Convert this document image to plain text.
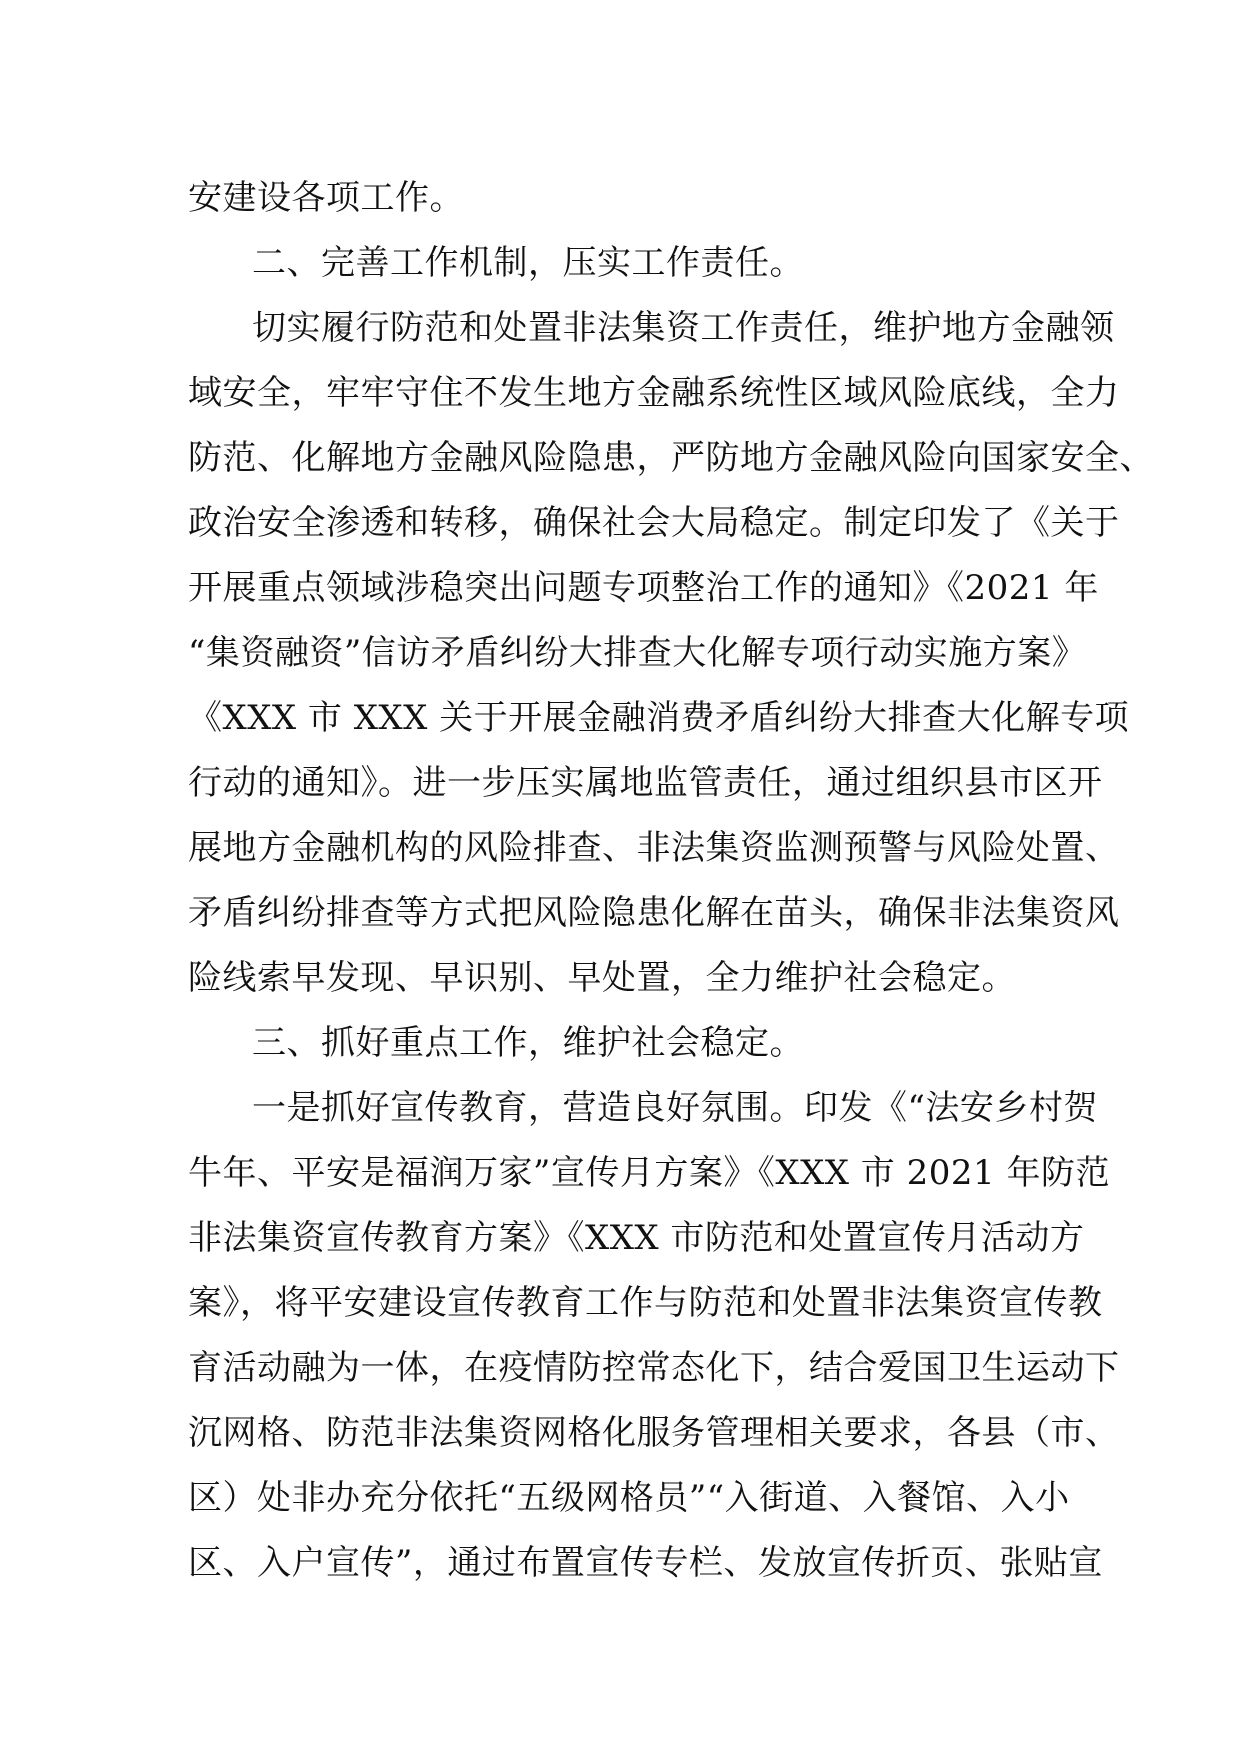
安建设各项工作。
二、完善工作机制，压实工作责任。
切实履行防范和处置非法集资工作责任，维护地方金融领
域安全，牢牢守住不发生地方金融系统性区域风险底线，全力
防范、化解地方金融风险隐患，严防地方金融风险向国家安全、
政治安全渗透和转移，确保社会大局稳定。制定印发了《关于
开展重点领域涉稳突出问题专项整治工作的通知》《2021 年
“集资融资”信访矛盾纠纷大排查大化解专项行动实施方案》
《XXX 市 XXX 关于开展金融消费矛盾纠纷大排查大化解专项
行动的通知》。进一步压实属地监管责任，通过组织县市区开
展地方金融机构的风险排查、非法集资监测预警与风险处置、
矛盾纠纷排查等方式把风险隐患化解在苗头，确保非法集资风
险线索早发现、早识别、早处置，全力维护社会稳定。
三、抓好重点工作，维护社会稳定。
一是抓好宣传教育，营造良好氛围。印发《“法安乡村贺
牛年、平安是福润万家”宣传月方案》《XXX 市 2021 年防范
非法集资宣传教育方案》《XXX 市防范和处置宣传月活动方
案》，将平安建设宣传教育工作与防范和处置非法集资宣传教
育活动融为一体，在疫情防控常态化下，结合爱国卫生运动下
沉网格、防范非法集资网格化服务管理相关要求，各县（市、
区）处非办充分依托“五级网格员”“入街道、入餐馆、入小
区、入户宣传”，通过布置宣传专栏、发放宣传折页、张贴宣
